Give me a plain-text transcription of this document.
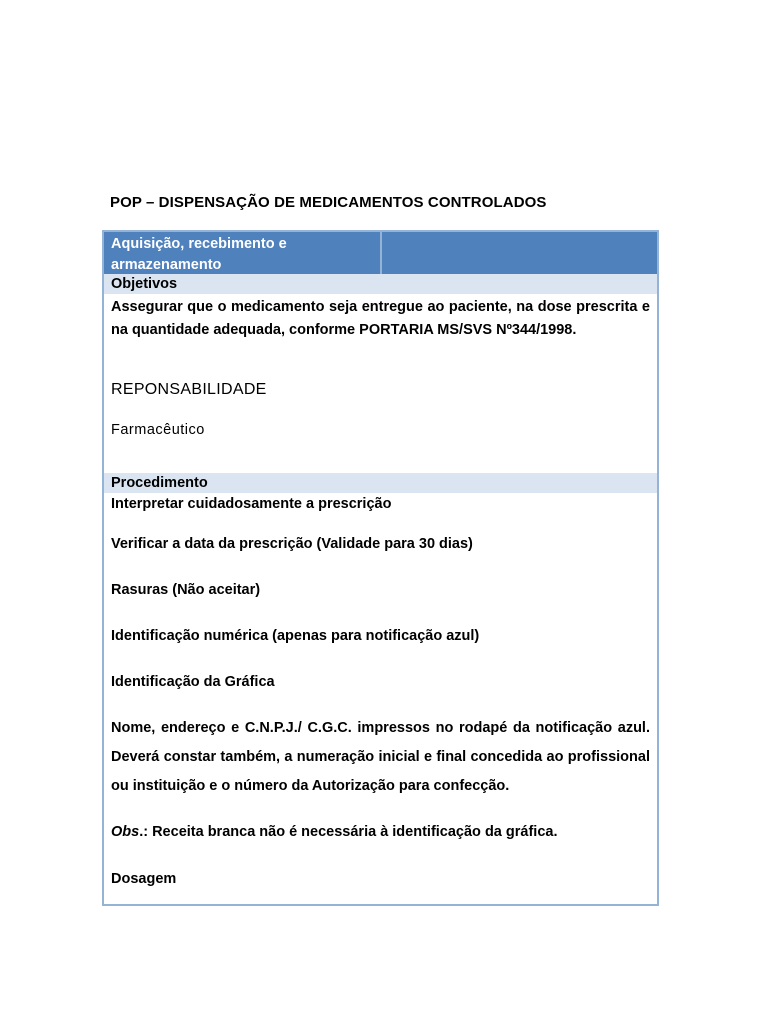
POP – DISPENSAÇÃO DE MEDICAMENTOS CONTROLADOS
Aquisição, recebimento e armazenamento
Objetivos
Assegurar que o medicamento seja entregue ao paciente, na dose prescrita e na quantidade adequada, conforme PORTARIA MS/SVS Nº344/1998.
REPONSABILIDADE
Farmacêutico
Procedimento
Interpretar cuidadosamente a prescrição
Verificar a data da prescrição (Validade para 30 dias)
Rasuras (Não aceitar)
Identificação numérica (apenas para notificação azul)
Identificação da Gráfica
Nome, endereço e C.N.P.J./ C.G.C. impressos no rodapé da notificação azul. Deverá constar também, a numeração inicial e final concedida ao profissional ou instituição e o número da Autorização para confecção.
Obs.: Receita branca não é necessária à identificação da gráfica.
Dosagem
